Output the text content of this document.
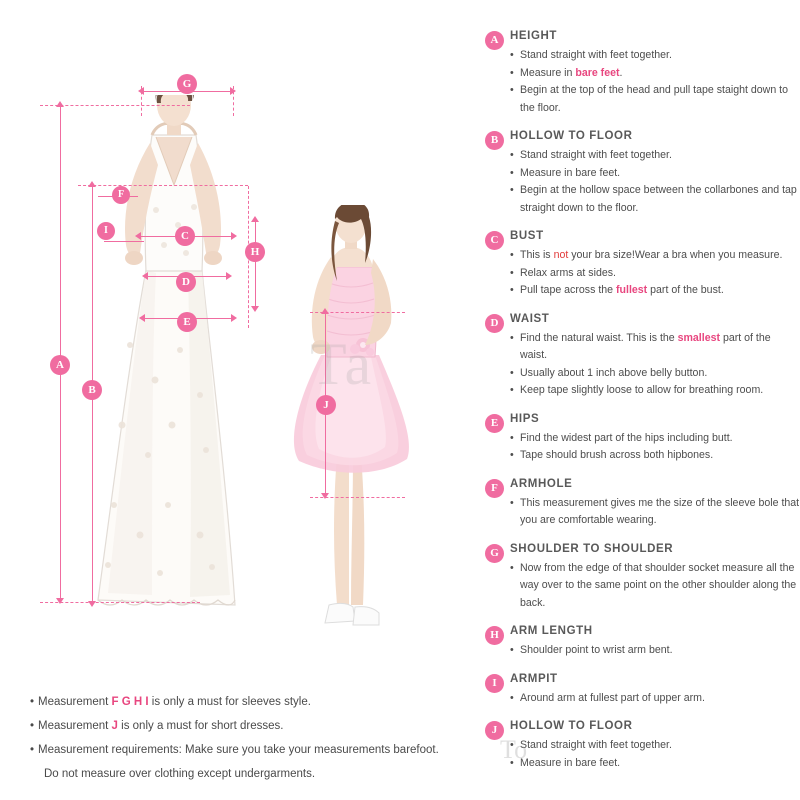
G
A
B
F
I	C
D
E
H
J
Ta
To
• Measurement F G H I is only a must for sleeves style.
• Measurement J is only a must for short dresses.
• Measurement requirements: Make sure you take your measurements barefoot.
Do not measure over clothing except undergarments.
A	HEIGHT
• Stand straight with feet together.
• Measure in bare feet.
• Begin at the top of the head and pull tape staight down to the floor.
B	HOLLOW TO FLOOR
• Stand straight with feet together.
• Measure in bare feet.
• Begin at the hollow space between the collarbones and tap straight down to the floor.
C	BUST
• This is not your bra size!Wear a bra when you measure.
• Relax arms at sides.
• Pull tape across the fullest part of the bust.
D	WAIST
• Find the natural waist. This is the smallest part of the waist.
• Usually about 1 inch above belly button.
• Keep tape slightly loose to allow for breathing room.
E	HIPS
• Find the widest part of the hips including butt.
• Tape should brush across both hipbones.
F	ARMHOLE
• This measurement gives me the size of the sleeve bole that you are comfortable wearing.
G SHOULDER TO SHOULDER
• Now from the edge of that shoulder socket measure all the way over to the same point on the other shoulder along the back.
H ARM LENGTH
• Shoulder point to wrist arm bent.
I	ARMPIT
• Around arm at fullest part of upper arm.
J	HOLLOW TO FLOOR
• Stand straight with feet together.
• Measure in bare feet.
